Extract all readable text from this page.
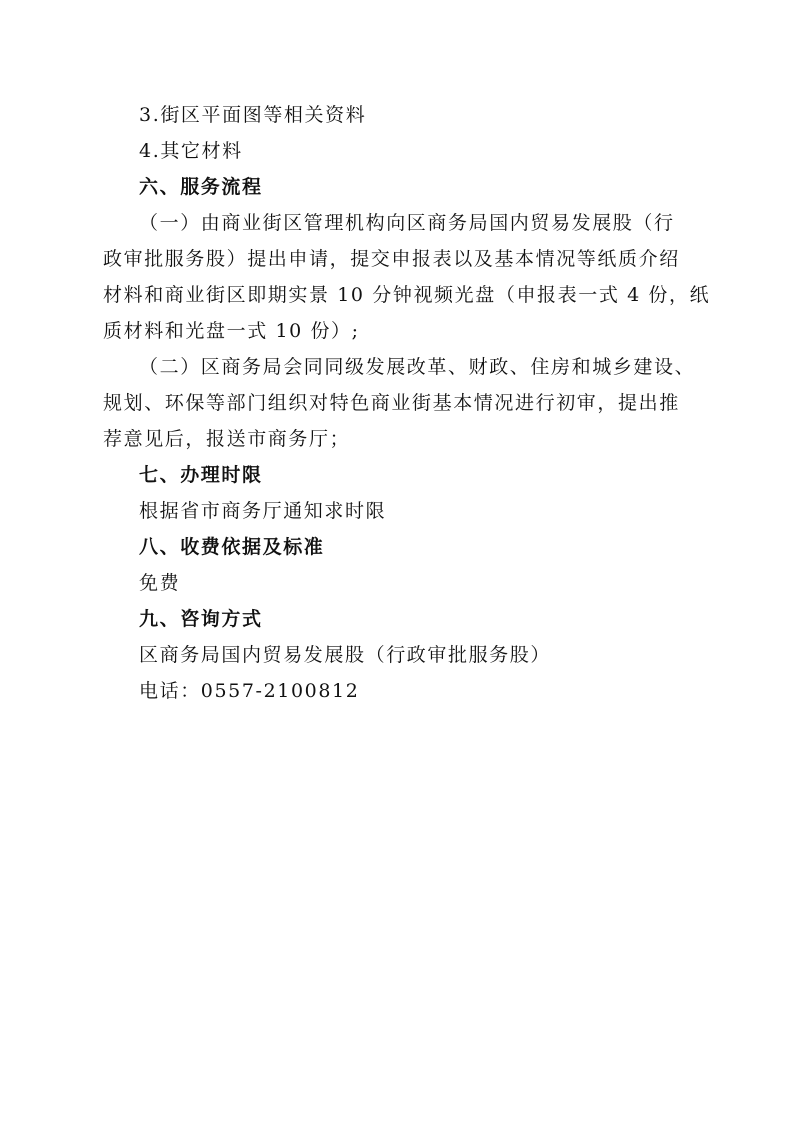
3.街区平面图等相关资料
4.其它材料
六、服务流程
（一）由商业街区管理机构向区商务局国内贸易发展股（行
政审批服务股）提出申请，提交申报表以及基本情况等纸质介绍
材料和商业街区即期实景 10 分钟视频光盘（申报表一式 4 份，纸
质材料和光盘一式 10 份）;
（二）区商务局会同同级发展改革、财政、住房和城乡建设、
规划、环保等部门组织对特色商业街基本情况进行初审，提出推
荐意见后，报送市商务厅；
七、办理时限
根据省市商务厅通知求时限
八、收费依据及标准
免费
九、咨询方式
区商务局国内贸易发展股（行政审批服务股）
电话：0557-2100812
